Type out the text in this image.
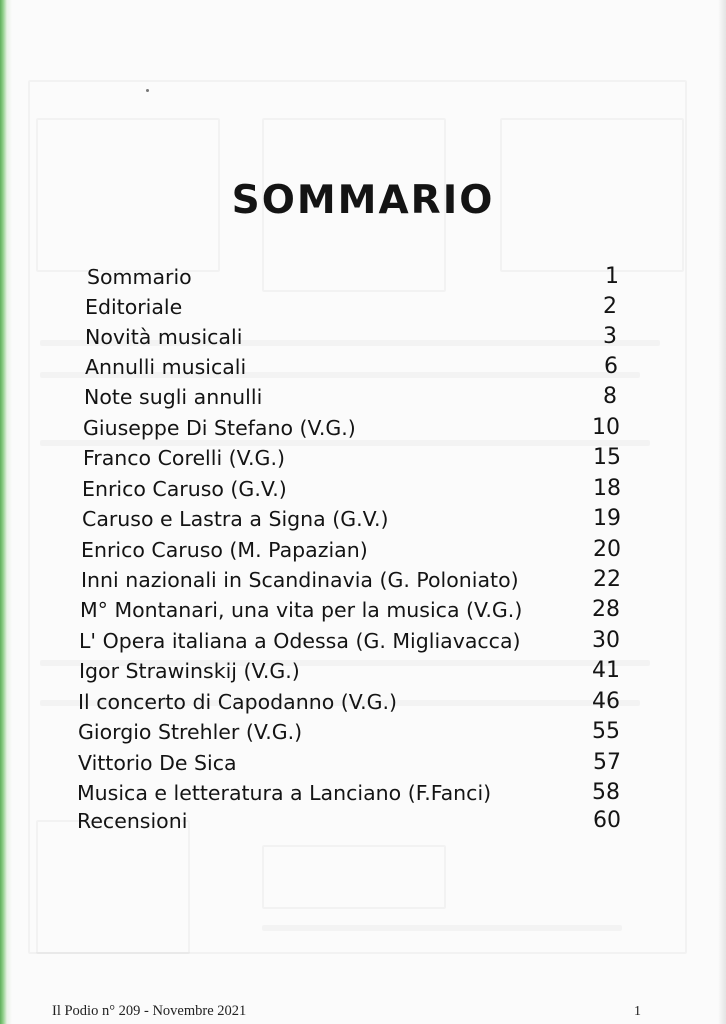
SOMMARIO
Sommario	1
Editoriale	2
Novità musicali	3
Annulli musicali	6
Note sugli annulli	8
Giuseppe Di Stefano (V.G.)	10
Franco Corelli (V.G.)	15
Enrico Caruso (G.V.)	18
Caruso e Lastra a Signa (G.V.)	19
Enrico Caruso (M. Papazian)	20
Inni nazionali in Scandinavia (G. Poloniato)	22
M° Montanari, una vita per la musica (V.G.)	28
L' Opera italiana a Odessa (G. Migliavacca)	30
Igor Strawinskij (V.G.)	41
Il concerto di Capodanno (V.G.)	46
Giorgio Strehler (V.G.)	55
Vittorio De Sica	57
Musica e letteratura a Lanciano (F.Fanci)	58
Recensioni	60
Il Podio n° 209 - Novembre 2021	1
